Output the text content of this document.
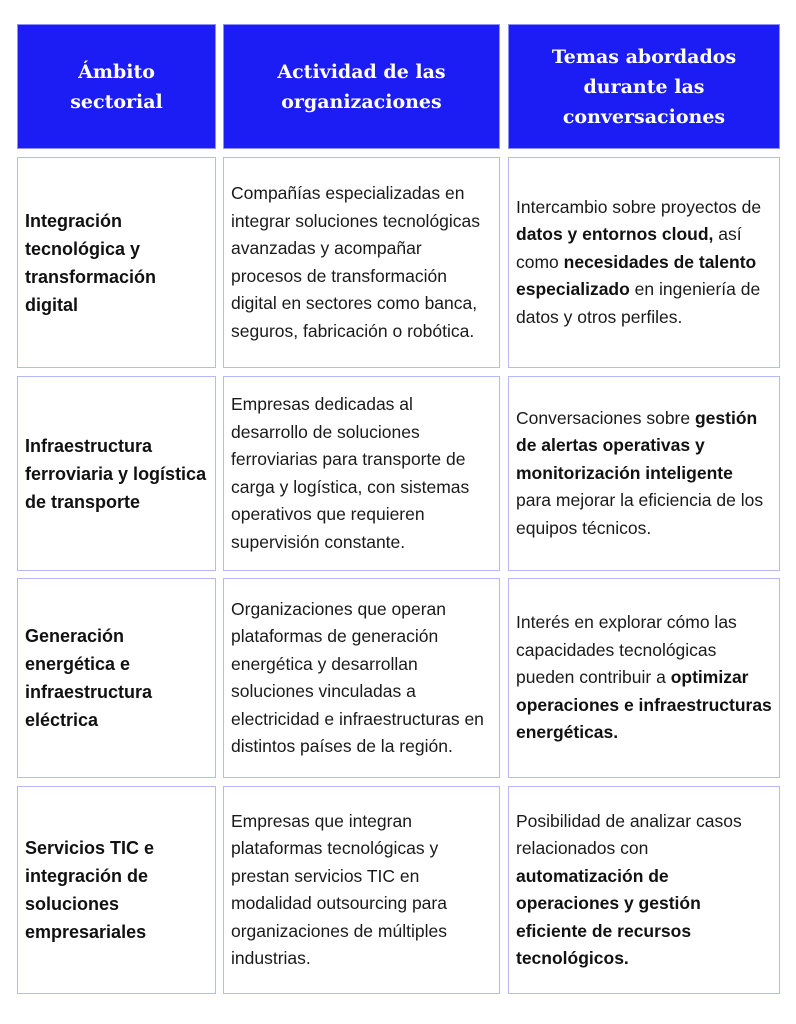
Ámbito sectorial
Actividad de las organizaciones
Temas abordados durante las conversaciones
Integración tecnológica y transformación digital
Compañías especializadas en integrar soluciones tecnológicas avanzadas y acompañar procesos de transformación digital en sectores como banca, seguros, fabricación o robótica.
Intercambio sobre proyectos de datos y entornos cloud, así como necesidades de talento especializado en ingeniería de datos y otros perfiles.
Infraestructura ferroviaria y logística de transporte
Empresas dedicadas al desarrollo de soluciones ferroviarias para transporte de carga y logística, con sistemas operativos que requieren supervisión constante.
Conversaciones sobre gestión de alertas operativas y monitorización inteligente para mejorar la eficiencia de los equipos técnicos.
Generación energética e infraestructura eléctrica
Organizaciones que operan plataformas de generación energética y desarrollan soluciones vinculadas a electricidad e infraestructuras en distintos países de la región.
Interés en explorar cómo las capacidades tecnológicas pueden contribuir a optimizar operaciones e infraestructuras energéticas.
Servicios TIC e integración de soluciones empresariales
Empresas que integran plataformas tecnológicas y prestan servicios TIC en modalidad outsourcing para organizaciones de múltiples industrias.
Posibilidad de analizar casos relacionados con automatización de operaciones y gestión eficiente de recursos tecnológicos.
